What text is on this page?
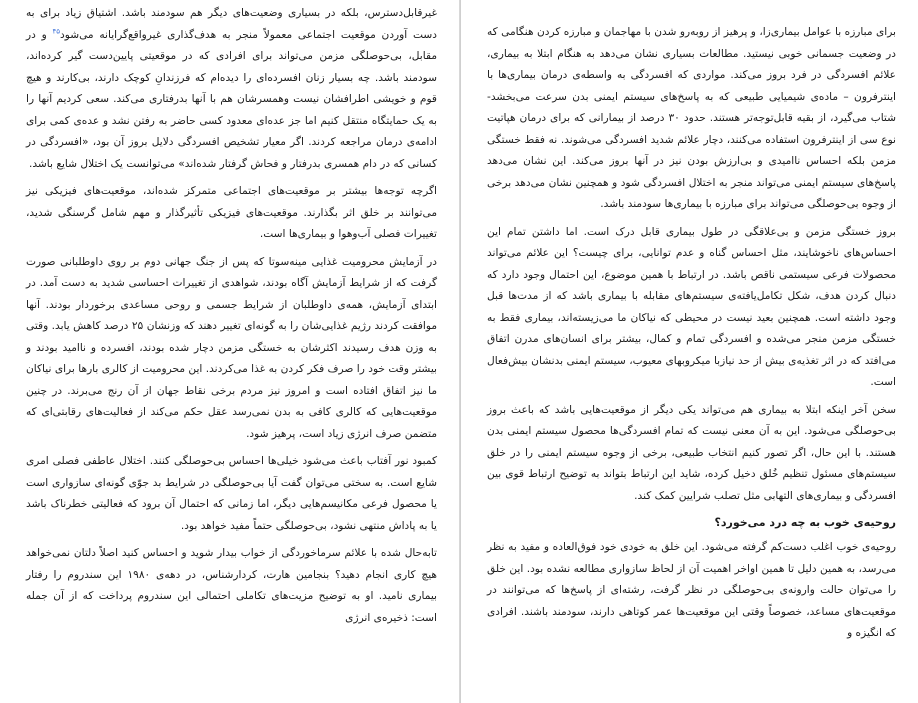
برای مبارزه با عوامل بیماری‌زا، و پرهیز از روبه‌رو شدن با مهاجمان و مبارزه کردن هنگامی که در وضعیت جسمانی خوبی نیستید. مطالعات بسیاری نشان می‌دهد به هنگام ابتلا به بیماری، علائم افسردگی در فرد بروز می‌کند. مواردی که افسردگی به واسطه‌ی درمان بیماری‌ها با اینترفرون – ماده‌ی شیمیایی طبیعی که به پاسخ‌های سیستم ایمنی بدن سرعت می‌بخشد- شتاب می‌گیرد، از بقیه قابل‌توجه‌تر هستند. حدود ۳۰ درصد از بیمارانی که برای درمان هپاتیت نوع سی از اینترفرون استفاده می‌کنند، دچار علائم شدید افسردگی می‌شوند. نه فقط خستگی مزمن بلکه احساس ناامیدی و بی‌ارزش بودن نیز در آنها بروز می‌کند. این نشان می‌دهد پاسخ‌های سیستم ایمنی می‌تواند منجر به اختلال افسردگی شود و همچنین نشان می‌دهد برخی از وجوه بی‌حوصلگی می‌تواند برای مبارزه با بیماری‌ها سودمند باشد.

بروز خستگی مزمن و بی‌علاقگی در طول بیماری قابل درک است. اما داشتن تمام این احساس‌های ناخوشایند، مثل احساس گناه و عدم توانایی، برای چیست؟ این علائم می‌تواند محصولات فرعی سیستمی ناقص باشد. در ارتباط با همین موضوع، این احتمال وجود دارد که دنبال کردن هدف، شکل تکامل‌یافته‌ی سیستم‌های مقابله با بیماری باشد که از مدت‌ها قبل وجود داشته است. همچنین بعید نیست در محیطی که نیاکان ما می‌زیسته‌اند، بیماری فقط به خستگی مزمن منجر می‌شده و افسردگی تمام و کمال، بیشتر برای انسان‌های مدرن اتفاق می‌افتد که در اثر تغذیه‌ی بیش از حد نیازبا میکروبهای معیوب، سیستم ایمنی بدنشان بیش‌فعال است.

سخن آخر اینکه ابتلا به بیماری هم می‌تواند یکی دیگر از موقعیت‌هایی باشد که باعث بروز بی‌حوصلگی می‌شود. این به آن معنی نیست که تمام افسردگی‌ها محصول سیستم ایمنی بدن هستند. با این حال، اگر تصور کنیم انتخاب طبیعی، برخی از وجوه سیستم ایمنی را در خلق سیستم‌های مسئول تنظیم خُلق دخیل کرده، شاید این ارتباط بتواند به توضیح ارتباط قوی بین افسردگی و بیماری‌های التهابی مثل تصلب شرایین کمک کند.

روحیه‌ی خوب به چه درد می‌خورد؟

روحیه‌ی خوب اغلب دست‌کم گرفته می‌شود. این خلق به خودی خود فوق‌العاده و مفید به نظر می‌رسد، به همین دلیل تا همین اواخر اهمیت آن از لحاظ سازواری مطالعه نشده بود. این خلق را می‌توان حالت وارونه‌ی بی‌حوصلگی در نظر گرفت، رشته‌ای از پاسخ‌ها که می‌توانند در موقعیت‌های مساعد، خصوصاً وقتی این موقعیت‌ها عمر کوتاهی دارند، سودمند باشند. افرادی که انگیزه و

غیرقابل‌دسترس، بلکه در بسیاری وضعیت‌های دیگر هم سودمند باشد. اشتیاق زیاد برای به دست آوردن موقعیت اجتماعی معمولاً منجر به هدف‌گذاری غیرواقع‌گرایانه می‌شود$^{۴۵}$ و در مقابل، بی‌حوصلگی مزمن می‌تواند برای افرادی که در موقعیتی پایین‌دست گیر کرده‌اند، سودمند باشد. چه بسیار زنان افسرده‌ای را دیده‌ام که فرزندانِ کوچک دارند، بی‌کارند و هیچ قوم و خویشی اطرافشان نیست وهمسرشان هم با آنها بدرفتاری می‌کند. سعی کردیم آنها را به یک حمایتگاه منتقل کنیم اما جز عده‌ای معدود کسی حاضر به رفتن نشد و عده‌ی کمی برای ادامه‌ی درمان مراجعه کردند. اگر معیار تشخیص افسردگی دلایل بروز آن بود، «افسردگی در کسانی که در دام همسری بدرفتار و فحاش گرفتار شده‌اند» می‌توانست یک اختلال شایع باشد.

اگرچه توجه‌ها بیشتر بر موقعیت‌های اجتماعی متمرکز شده‌اند، موقعیت‌های فیزیکی نیز می‌توانند بر خلق اثر بگذارند. موقعیت‌های فیزیکی تأثیرگذار و مهم شامل گرسنگی شدید، تغییرات فصلی آب‌وهوا و بیماری‌ها است.

در آزمایش محرومیت غذایی مینه‌سوتا که پس از جنگ جهانی دوم بر روی داوطلبانی صورت گرفت که از شرایط آزمایش آگاه بودند، شواهدی از تغییرات احساسی شدید به دست آمد. در ابتدای آزمایش، همه‌ی داوطلبان از شرایط جسمی و روحی مساعدی برخوردار بودند. آنها موافقت کردند رژیم غذایی‌شان را به گونه‌ای تغییر دهند که وزنشان ۲۵ درصد کاهش یابد. وقتی به وزن هدف رسیدند اکثرشان به خستگی مزمن دچار شده بودند، افسرده و ناامید بودند و بیشتر وقت خود را صرف فکر کردن به غذا می‌کردند. این محرومیت از کالری بارها برای نیاکان ما نیز اتفاق افتاده است و امروز نیز مردم برخی نقاط جهان از آن رنج می‌برند. در چنین موقعیت‌هایی که کالری کافی به بدن نمی‌رسد عقل حکم می‌کند از فعالیت‌های رقابتی‌ای که متضمن صرف انرژی زیاد است، پرهیز شود.

کمبود نور آفتاب باعث می‌شود خیلی‌ها احساس بی‌حوصلگی کنند. اختلال عاطفی فصلی امری شایع است. به سختی می‌توان گفت آیا بی‌حوصلگی در شرایط بد جوّی گونه‌ای سازواری است یا محصول فرعی مکانیسم‌هایی دیگر، اما زمانی که احتمال آن برود که فعالیتی خطرناک باشد یا به پاداش منتهی نشود، بی‌حوصلگی حتماً مفید خواهد بود.

تابه‌حال شده با علائم سرماخوردگی از خواب بیدار شوید و احساس کنید اصلاً دلتان نمی‌خواهد هیچ کاری انجام دهید؟ بنجامین هارت، کردارشناس، در دهه‌ی ۱۹۸۰ این سندروم را رفتار بیماری نامید. او به توضیح مزیت‌های تکاملی احتمالی این سندروم پرداخت که از آن جمله است: ذخیره‌ی انرژی
